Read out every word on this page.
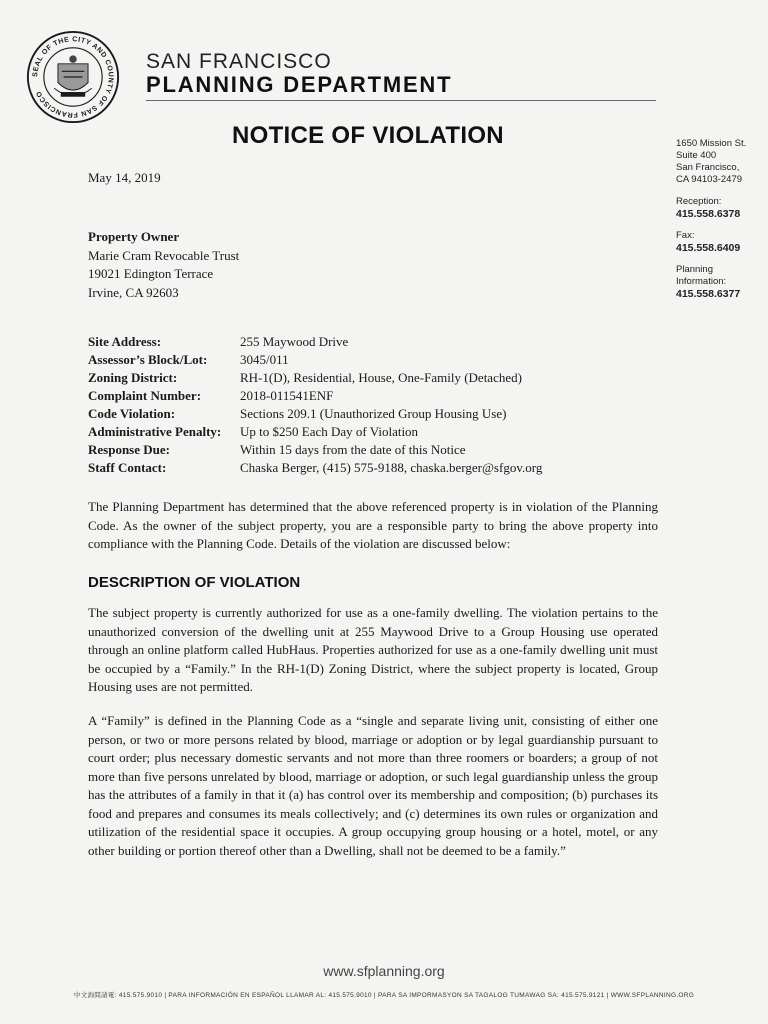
SEAL OF THE CITY AND COUNTY OF SAN FRANCISCO
SAN FRANCISCO
PLANNING DEPARTMENT
NOTICE OF VIOLATION	1650 Mission St.
Suite 400
San Francisco,
CA 94103-2479
Reception:
415.558.6378
Fax:
415.558.6409
Planning
Information:
415.558.6377
May 14, 2019
Property Owner
Marie Cram Revocable Trust
19021 Edington Terrace
Irvine, CA 92603
Site Address:	255 Maywood Drive
Assessor’s Block/Lot:	3045/011
Zoning District:	RH-1(D), Residential, House, One-Family (Detached)
Complaint Number:	2018-011541ENF
Code Violation:	Sections 209.1 (Unauthorized Group Housing Use)
Administrative Penalty:	Up to $250 Each Day of Violation
Response Due:	Within 15 days from the date of this Notice
Staff Contact:	Chaska Berger, (415) 575-9188, chaska.berger@sfgov.org
The Planning Department has determined that the above referenced property is in violation of the Planning Code. As the owner of the subject property, you are a responsible party to bring the above property into compliance with the Planning Code. Details of the violation are discussed below:
DESCRIPTION OF VIOLATION
The subject property is currently authorized for use as a one-family dwelling. The violation pertains to the unauthorized conversion of the dwelling unit at 255 Maywood Drive to a Group Housing use operated through an online platform called HubHaus. Properties authorized for use as a one-family dwelling unit must be occupied by a “Family.” In the RH-1(D) Zoning District, where the subject property is located, Group Housing uses are not permitted.
A “Family” is defined in the Planning Code as a “single and separate living unit, consisting of either one person, or two or more persons related by blood, marriage or adoption or by legal guardianship pursuant to court order; plus necessary domestic servants and not more than three roomers or boarders; a group of not more than five persons unrelated by blood, marriage or adoption, or such legal guardianship unless the group has the attributes of a family in that it (a) has control over its membership and composition; (b) purchases its food and prepares and consumes its meals collectively; and (c) determines its own rules or organization and utilization of the residential space it occupies. A group occupying group housing or a hotel, motel, or any other building or portion thereof other than a Dwelling, shall not be deemed to be a family.”
www.sfplanning.org
中文詢問請電: 415.575.9010 | PARA INFORMACIÓN EN ESPAÑOL LLAMAR AL: 415.575.9010 | PARA SA IMPORMASYON SA TAGALOG TUMAWAG SA: 415.575.9121 | WWW.SFPLANNING.ORG
